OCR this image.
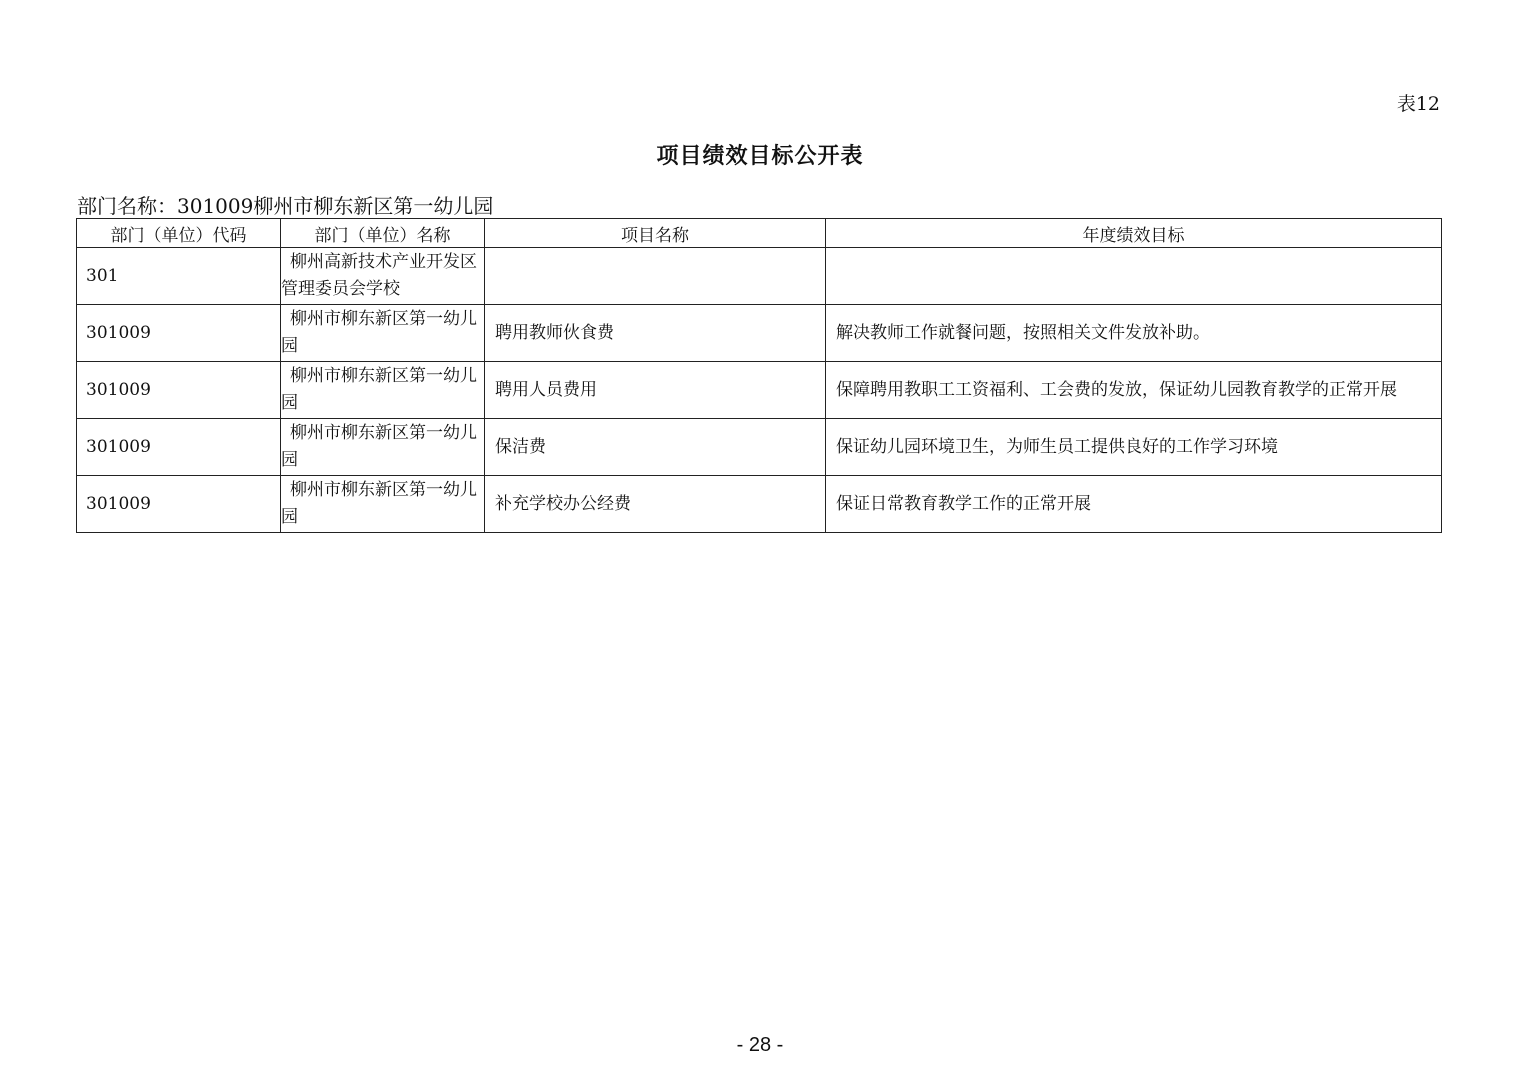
表12
项目绩效目标公开表
部门名称：301009柳州市柳东新区第一幼儿园
部门（单位）代码	部门（单位）名称	项目名称	年度绩效目标
301	柳州高新技术产业开发区管理委员会学校		
301009	柳州市柳东新区第一幼儿园	聘用教师伙食费	解决教师工作就餐问题，按照相关文件发放补助。
301009	柳州市柳东新区第一幼儿园	聘用人员费用	保障聘用教职工工资福利、工会费的发放，保证幼儿园教育教学的正常开展
301009	柳州市柳东新区第一幼儿园	保洁费	保证幼儿园环境卫生，为师生员工提供良好的工作学习环境
301009	柳州市柳东新区第一幼儿园	补充学校办公经费	保证日常教育教学工作的正常开展
- 28 -
